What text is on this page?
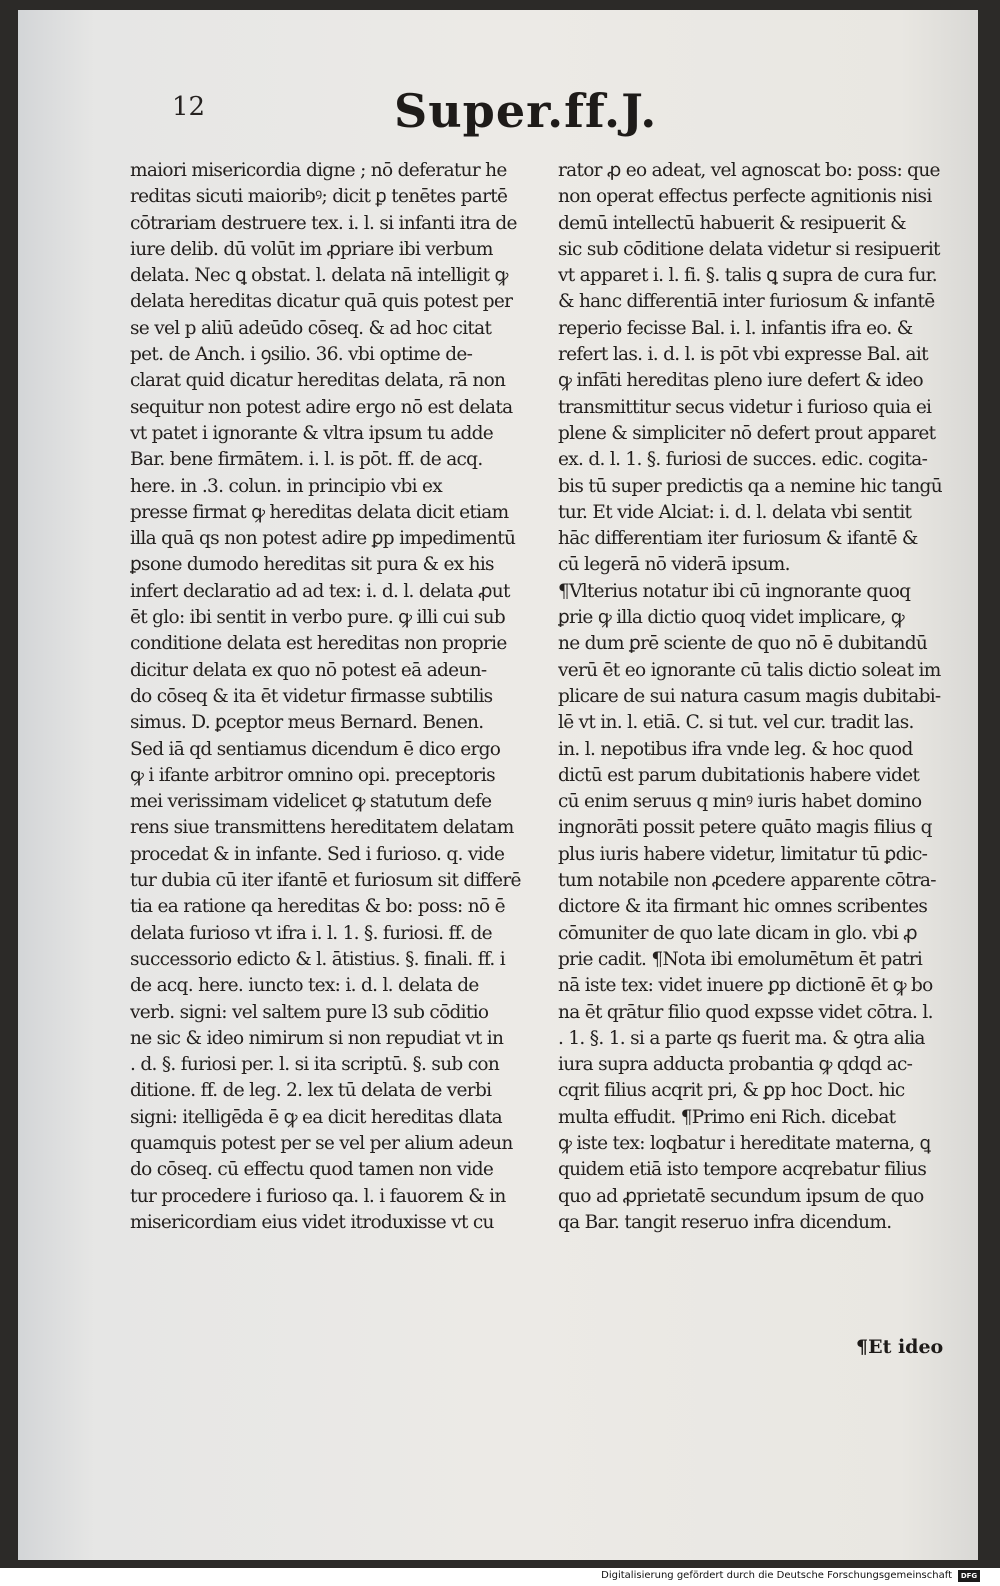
12	Super.ff.J.
maiori misericordia digne ; nō deferatur he
reditas sicuti maioribꝰ; dicit ꝑ tenētes partē
cōtrariam destruere tex. i. l. si infanti itra de
iure delib. dū volūt im ꝓpriare ibi verbum
delata. Nec ꝗ obstat. l. delata nā intelligit ꝙ
delata hereditas dicatur quā quis potest per
se vel p aliū adeūdo cōseq. & ad hoc citat
pet. de Anch. i ꝯsilio. 36. vbi optime de-
clarat quid dicatur hereditas delata, rā non
sequitur non potest adire ergo nō est delata
vt patet i ignorante & vltra ipsum tu adde
Bar. bene firmātem. i. l. is pōt. ff. de acq.
here. in .3. colun. in principio vbi ex
presse firmat ꝙ hereditas delata dicit etiam
illa quā qs non potest adire ꝑp impedimentū
ꝑsone dumodo hereditas sit pura & ex his
infert declaratio ad ad tex: i. d. l. delata ꝓut
ēt glo: ibi sentit in verbo pure. ꝙ illi cui sub
conditione delata est hereditas non proprie
dicitur delata ex quo nō potest eā adeun-
do cōseq & ita ēt videtur firmasse subtilis
simus. D. ꝑceptor meus Bernard. Benen.
Sed iā qd sentiamus dicendum ē dico ergo
ꝙ i ifante arbitror omnino opi. preceptoris
mei verissimam videlicet ꝙ statutum defe
rens siue transmittens hereditatem delatam
procedat & in infante. Sed i furioso. q. vide
tur dubia cū iter ifantē et furiosum sit differē
tia ea ratione qa hereditas & bo: poss: nō ē
delata furioso vt ifra i. l. 1. §. furiosi. ff. de
successorio edicto & l. ātistius. §. finali. ff. i
de acq. here. iuncto tex: i. d. l. delata de
verb. signi: vel saltem pure l3 sub cōditio
ne sic & ideo nimirum si non repudiat vt in
. d. §. furiosi per. l. si ita scriptū. §. sub con
ditione. ff. de leg. 2. lex tū delata de verbi
signi: itelligēda ē ꝙ ea dicit hereditas dlata
quamquis potest per se vel per alium adeun
do cōseq. cū effectu quod tamen non vide
tur procedere i furioso qa. l. i fauorem & in
misericordiam eius videt itroduxisse vt cu
rator ꝓ eo adeat, vel agnoscat bo: poss: que
non operat effectus perfecte agnitionis nisi
demū intellectū habuerit & resipuerit &
sic sub cōditione delata videtur si resipuerit
vt apparet i. l. fi. §. talis ꝗ supra de cura fur.
& hanc differentiā inter furiosum & infantē
reperio fecisse Bal. i. l. infantis ifra eo. &
refert las. i. d. l. is pōt vbi expresse Bal. ait
ꝙ infāti hereditas pleno iure defert & ideo
transmittitur secus videtur i furioso quia ei
plene & simpliciter nō defert prout apparet
ex. d. l. 1. §. furiosi de succes. edic. cogita-
bis tū super predictis qa a nemine hic tangū
tur. Et vide Alciat: i. d. l. delata vbi sentit
hāc differentiam iter furiosum & ifantē &
cū legerā nō viderā ipsum.
¶Vlterius notatur ibi cū ingnorante quoq
ꝑrie ꝙ illa dictio quoq videt implicare, ꝙ
ne dum ꝑrē sciente de quo nō ē dubitandū
verū ēt eo ignorante cū talis dictio soleat im
plicare de sui natura casum magis dubitabi-
lē vt in. l. etiā. C. si tut. vel cur. tradit las.
in. l. nepotibus ifra vnde leg. & hoc quod
dictū est parum dubitationis habere videt
cū enim seruus q minꝰ iuris habet domino
ingnorāti possit petere quāto magis filius q
plus iuris habere videtur, limitatur tū ꝑdic-
tum notabile non ꝓcedere apparente cōtra-
dictore & ita firmant hic omnes scribentes
cōmuniter de quo late dicam in glo. vbi ꝓ
prie cadit. ¶Nota ibi emolumētum ēt patri
nā iste tex: videt inuere ꝑp dictionē ēt ꝙ bo
na ēt qrātur filio quod expsse videt cōtra. l.
. 1. §. 1. si a parte qs fuerit ma. & ꝯtra alia
iura supra adducta probantia ꝙ qdqd ac-
cqrit filius acqrit pri, & ꝑp hoc Doct. hic
multa effudit. ¶Primo eni Rich. dicebat
ꝙ iste tex: loqbatur i hereditate materna, ꝗ
quidem etiā isto tempore acqrebatur filius
quo ad ꝓprietatē secundum ipsum de quo
qa Bar. tangit reseruo infra dicendum.
¶Et ideo
Digitalisierung gefördert durch die Deutsche Forschungsgemeinschaft	DFG
